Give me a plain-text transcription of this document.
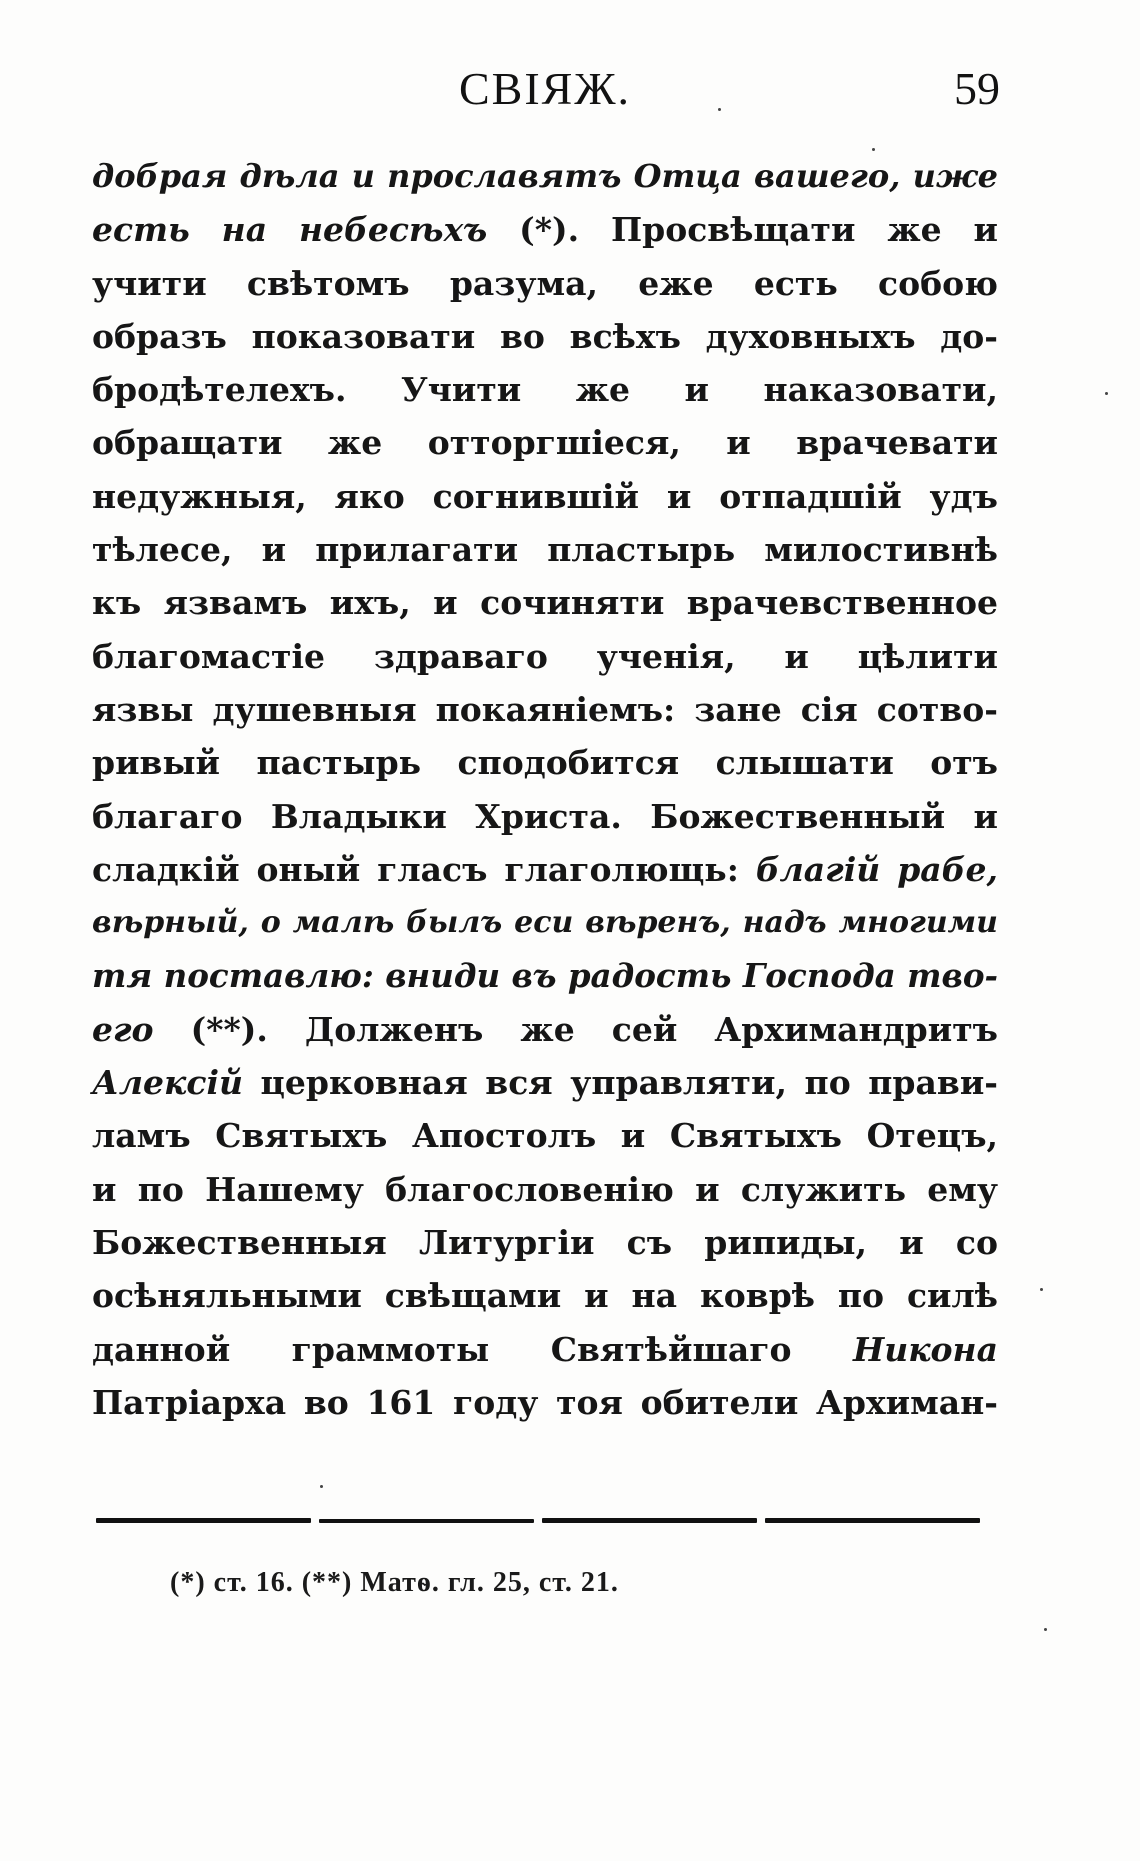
СВІЯЖ.	59
добрая дѣла и прославятъ Отца вашего, иже
есть на небесѣхъ (*). Просвѣщати же и
учити свѣтомъ разума, еже есть собою
образъ показовати во всѣхъ духовныхъ до-
бродѣтелехъ. Учити же и наказовати,
обращати же отторгшіеся, и врачевати
недужныя, яко согнившій и отпадшій удъ
тѣлесе, и прилагати пластырь милостивнѣ
къ язвамъ ихъ, и сочиняти врачевственное
благомастіе здраваго ученія, и цѣлити
язвы душевныя покаяніемъ: зане сія сотво-
ривый пастырь сподобится слышати отъ
благаго Владыки Христа. Божественный и
сладкій оный гласъ глаголющь: благій рабе,
вѣрный, о малѣ былъ еси вѣренъ, надъ многими
тя поставлю: вниди въ радость Господа тво-
его (**). Долженъ же сей Архимандритъ
Алексій церковная вся управляти, по прави-
ламъ Святыхъ Апостолъ и Святыхъ Отецъ,
и по Нашему благословенію и служить ему
Божественныя Литургіи съ рипиды, и со
осѣняльными свѣщами и на коврѣ по силѣ
данной граммоты Святѣйшаго Никона
Патріарха во 161 году тоя обители Архиман-
(*) ст. 16. (**) Матѳ. гл. 25, ст. 21.
